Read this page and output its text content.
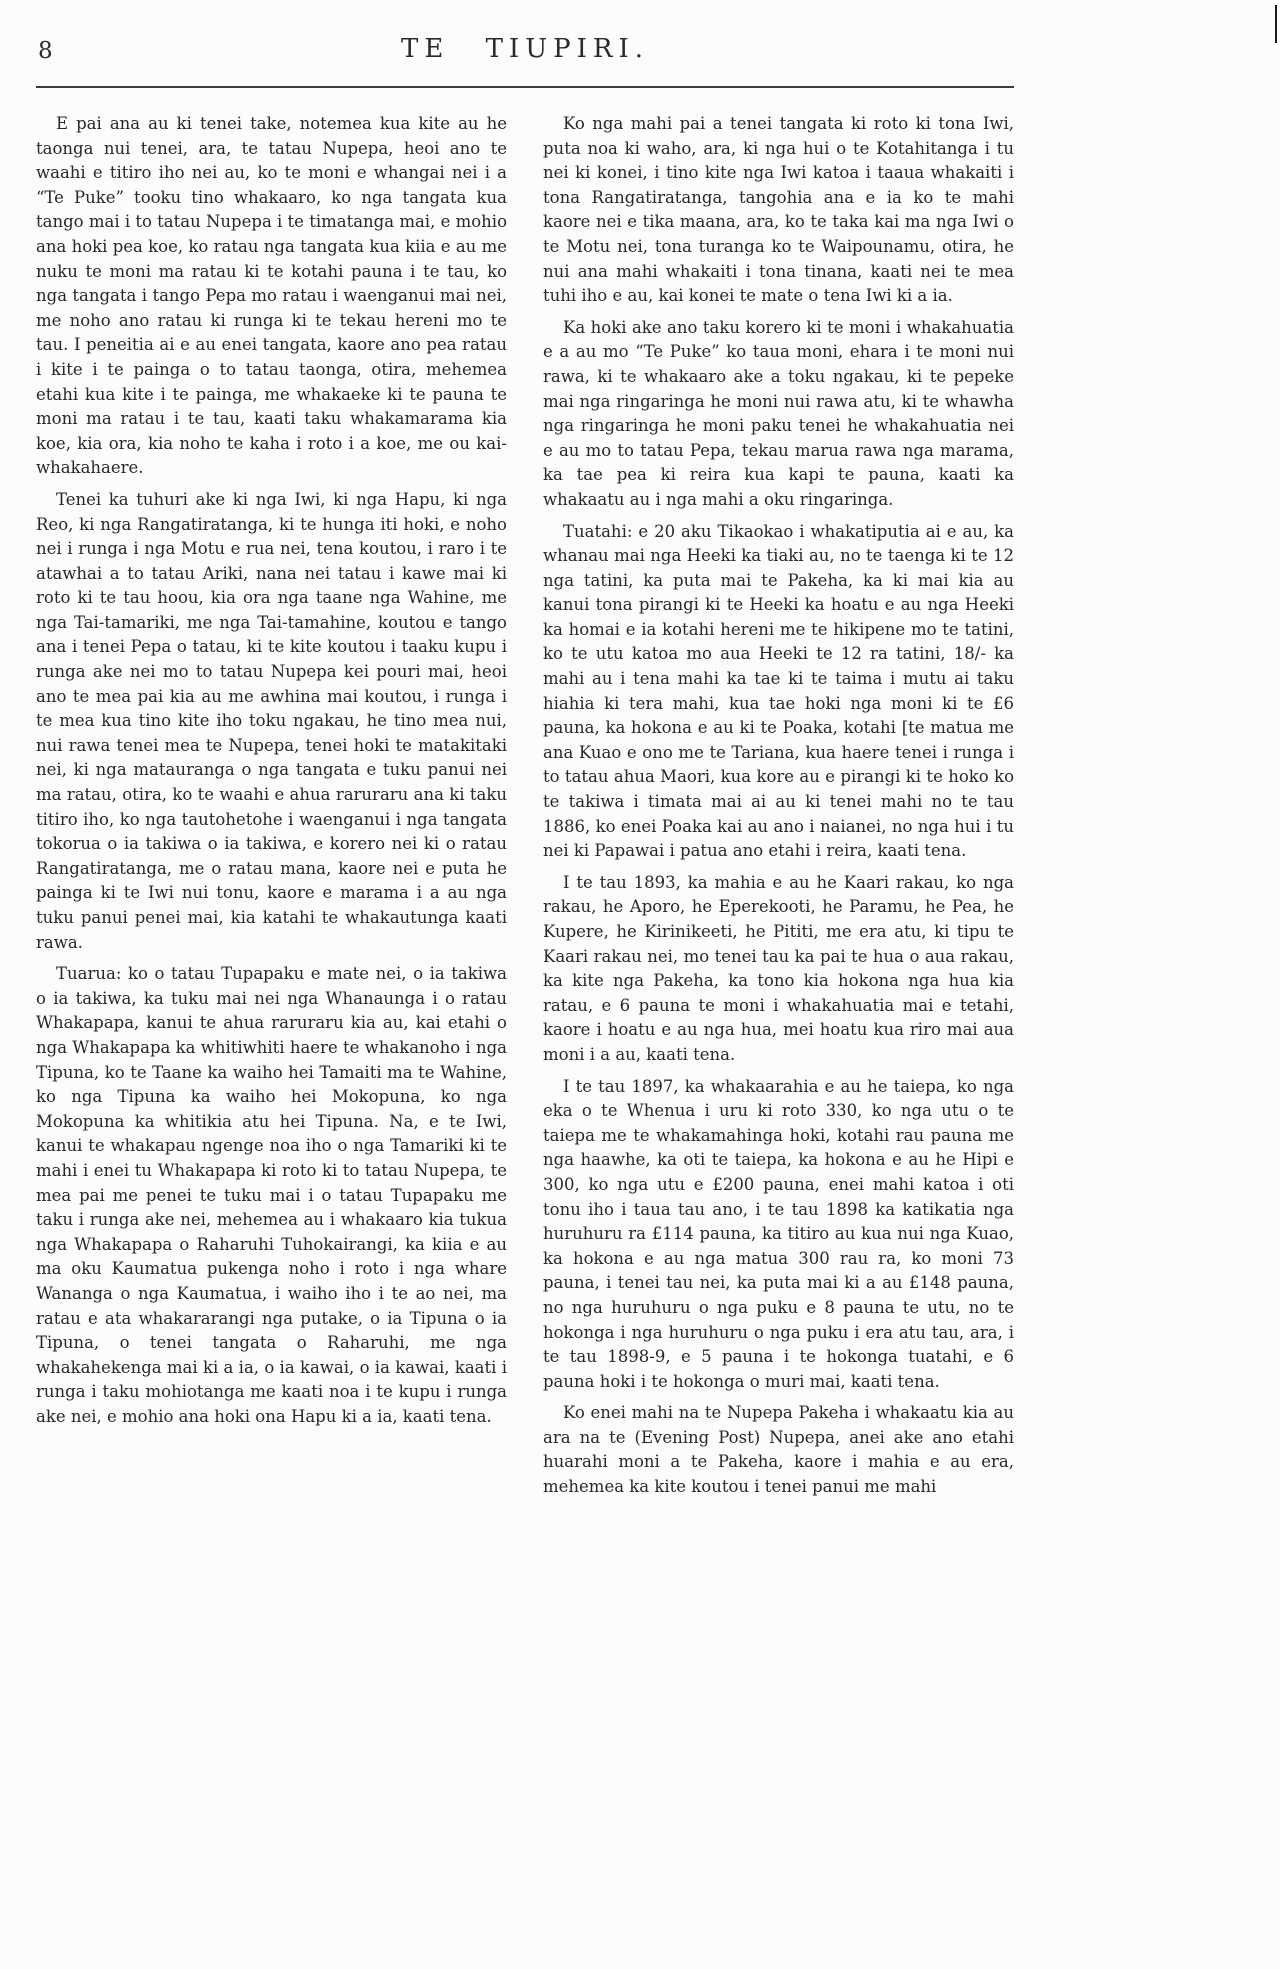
8	TE TIUPIRI.

E pai ana au ki tenei take, notemea kua kite au he taonga nui tenei, ara, te tatau Nupepa, heoi ano te waahi e titiro iho nei au, ko te moni e whangai nei i a “Te Puke” tooku tino whakaaro, ko nga tangata kua tango mai i to tatau Nupepa i te timatanga mai, e mohio ana hoki pea koe, ko ratau nga tangata kua kiia e au me nuku te moni ma ratau ki te kotahi pauna i te tau, ko nga tangata i tango Pepa mo ratau i waenganui mai nei, me noho ano ratau ki runga ki te tekau hereni mo te tau. I peneitia ai e au enei tangata, kaore ano pea ratau i kite i te painga o to tatau taonga, otira, mehemea etahi kua kite i te painga, me whakaeke ki te pauna te moni ma ratau i te tau, kaati taku whakamarama kia koe, kia ora, kia noho te kaha i roto i a koe, me ou kai-whakahaere.

Tenei ka tuhuri ake ki nga Iwi, ki nga Hapu, ki nga Reo, ki nga Rangatiratanga, ki te hunga iti hoki, e noho nei i runga i nga Motu e rua nei, tena koutou, i raro i te atawhai a to tatau Ariki, nana nei tatau i kawe mai ki roto ki te tau hoou, kia ora nga taane nga Wahine, me nga Tai-tamariki, me nga Tai-tamahine, koutou e tango ana i tenei Pepa o tatau, ki te kite koutou i taaku kupu i runga ake nei mo to tatau Nupepa kei pouri mai, heoi ano te mea pai kia au me awhina mai koutou, i runga i te mea kua tino kite iho toku ngakau, he tino mea nui, nui rawa tenei mea te Nupepa, tenei hoki te matakitaki nei, ki nga matauranga o nga tangata e tuku panui nei ma ratau, otira, ko te waahi e ahua raruraru ana ki taku titiro iho, ko nga tautohetohe i waenganui i nga tangata tokorua o ia takiwa o ia takiwa, e korero nei ki o ratau Rangatiratanga, me o ratau mana, kaore nei e puta he painga ki te Iwi nui tonu, kaore e marama i a au nga tuku panui penei mai, kia katahi te whakautunga kaati rawa.

Tuarua: ko o tatau Tupapaku e mate nei, o ia takiwa o ia takiwa, ka tuku mai nei nga Whanaunga i o ratau Whakapapa, kanui te ahua raruraru kia au, kai etahi o nga Whakapapa ka whitiwhiti haere te whakanoho i nga Tipuna, ko te Taane ka waiho hei Tamaiti ma te Wahine, ko nga Tipuna ka waiho hei Mokopuna, ko nga Mokopuna ka whitikia atu hei Tipuna. Na, e te Iwi, kanui te whakapau ngenge noa iho o nga Tamariki ki te mahi i enei tu Whakapapa ki roto ki to tatau Nupepa, te mea pai me penei te tuku mai i o tatau Tupapaku me taku i runga ake nei, mehemea au i whakaaro kia tukua nga Whakapapa o Raharuhi Tuhokairangi, ka kiia e au ma oku Kaumatua pukenga noho i roto i nga whare Wananga o nga Kaumatua, i waiho iho i te ao nei, ma ratau e ata whakararangi nga putake, o ia Tipuna o ia Tipuna, o tenei tangata o Raharuhi, me nga whakahekenga mai ki a ia, o ia kawai, o ia kawai, kaati i runga i taku mohiotanga me kaati noa i te kupu i runga ake nei, e mohio ana hoki ona Hapu ki a ia, kaati tena.

Ko nga mahi pai a tenei tangata ki roto ki tona Iwi, puta noa ki waho, ara, ki nga hui o te Kotahitanga i tu nei ki konei, i tino kite nga Iwi katoa i taaua whakaiti i tona Rangatiratanga, tangohia ana e ia ko te mahi kaore nei e tika maana, ara, ko te taka kai ma nga Iwi o te Motu nei, tona turanga ko te Waipounamu, otira, he nui ana mahi whakaiti i tona tinana, kaati nei te mea tuhi iho e au, kai konei te mate o tena Iwi ki a ia.

Ka hoki ake ano taku korero ki te moni i whakahuatia e a au mo “Te Puke” ko taua moni, ehara i te moni nui rawa, ki te whakaaro ake a toku ngakau, ki te pepeke mai nga ringaringa he moni nui rawa atu, ki te whawha nga ringaringa he moni paku tenei he whakahuatia nei e au mo to tatau Pepa, tekau marua rawa nga marama, ka tae pea ki reira kua kapi te pauna, kaati ka whakaatu au i nga mahi a oku ringaringa.

Tuatahi: e 20 aku Tikaokao i whakatiputia ai e au, ka whanau mai nga Heeki ka tiaki au, no te taenga ki te 12 nga tatini, ka puta mai te Pakeha, ka ki mai kia au kanui tona pirangi ki te Heeki ka hoatu e au nga Heeki ka homai e ia kotahi hereni me te hikipene mo te tatini, ko te utu katoa mo aua Heeki te 12 ra tatini, 18/- ka mahi au i tena mahi ka tae ki te taima i mutu ai taku hiahia ki tera mahi, kua tae hoki nga moni ki te £6 pauna, ka hokona e au ki te Poaka, kotahi [te matua me ana Kuao e ono me te Tariana, kua haere tenei i runga i to tatau ahua Maori, kua kore au e pirangi ki te hoko ko te takiwa i timata mai ai au ki tenei mahi no te tau 1886, ko enei Poaka kai au ano i naianei, no nga hui i tu nei ki Papawai i patua ano etahi i reira, kaati tena.

I te tau 1893, ka mahia e au he Kaari rakau, ko nga rakau, he Aporo, he Eperekooti, he Paramu, he Pea, he Kupere, he Kirinikeeti, he Pititi, me era atu, ki tipu te Kaari rakau nei, mo tenei tau ka pai te hua o aua rakau, ka kite nga Pakeha, ka tono kia hokona nga hua kia ratau, e 6 pauna te moni i whakahuatia mai e tetahi, kaore i hoatu e au nga hua, mei hoatu kua riro mai aua moni i a au, kaati tena.

I te tau 1897, ka whakaarahia e au he taiepa, ko nga eka o te Whenua i uru ki roto 330, ko nga utu o te taiepa me te whakamahinga hoki, kotahi rau pauna me nga haawhe, ka oti te taiepa, ka hokona e au he Hipi e 300, ko nga utu e £200 pauna, enei mahi katoa i oti tonu iho i taua tau ano, i te tau 1898 ka katikatia nga huruhuru ra £114 pauna, ka titiro au kua nui nga Kuao, ka hokona e au nga matua 300 rau ra, ko moni 73 pauna, i tenei tau nei, ka puta mai ki a au £148 pauna, no nga huruhuru o nga puku e 8 pauna te utu, no te hokonga i nga huruhuru o nga puku i era atu tau, ara, i te tau 1898-9, e 5 pauna i te hokonga tuatahi, e 6 pauna hoki i te hokonga o muri mai, kaati tena.

Ko enei mahi na te Nupepa Pakeha i whakaatu kia au ara na te (Evening Post) Nupepa, anei ake ano etahi huarahi moni a te Pakeha, kaore i mahia e au era, mehemea ka kite koutou i tenei panui me mahi
